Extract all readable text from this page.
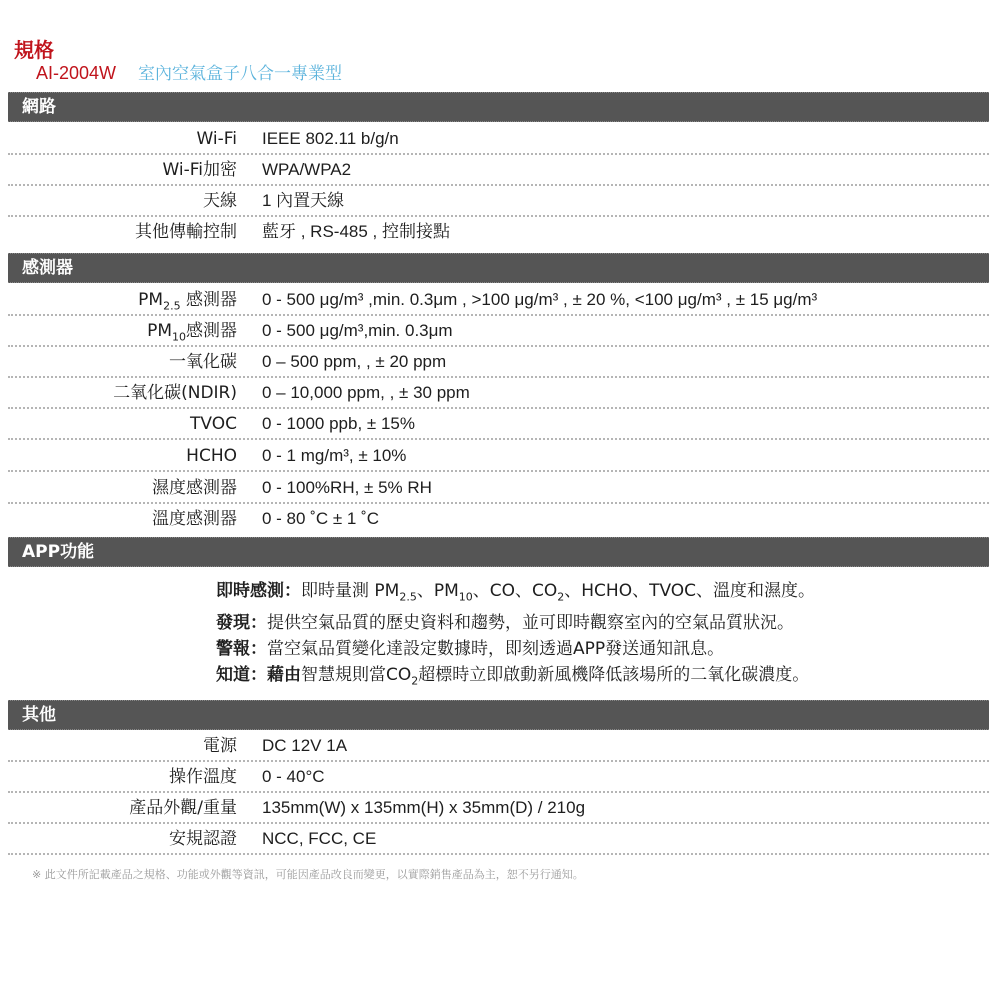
規格
AI-2004W 室內空氣盒子八合一專業型
網路
Wi-Fi IEEE 802.11 b/g/n
Wi-Fi加密 WPA/WPA2
天線 1 內置天線
其他傳輸控制 藍牙 , RS-485 , 控制接點
感測器
$PM_{2.5}$ 感測器 0 - 500 μg/m³ ,min. 0.3μm , >100 μg/m³ , ± 20 %, <100 μg/m³ , ± 15 μg/m³
$PM_{10}$感測器 0 - 500 μg/m³,min. 0.3μm
一氧化碳 0 – 500 ppm, , ± 20 ppm
二氧化碳(NDIR) 0 – 10,000 ppm, , ± 30 ppm
TVOC 0 - 1000 ppb, ± 15%
HCHO 0 - 1 mg/m³, ± 10%
濕度感測器 0 - 100%RH, ± 5% RH
溫度感測器 0 - 80 ˚C ± 1 ˚C
APP功能
即時感測：即時量測 $PM_{2.5}$、$PM_{10}$、CO、$CO_2$、HCHO、TVOC、溫度和濕度。
發現：提供空氣品質的歷史資料和趨勢，並可即時觀察室內的空氣品質狀況。
警報：當空氣品質變化達設定數據時，即刻透過APP發送通知訊息。
知道：藉由智慧規則當$CO_2$超標時立即啟動新風機降低該場所的二氧化碳濃度。
其他
電源 DC 12V 1A
操作溫度 0 - 40°C
產品外觀/重量 135mm(W) x 135mm(H) x 35mm(D) / 210g
安規認證 NCC, FCC, CE
※ 此文件所記載產品之規格、功能或外觀等資訊，可能因產品改良而變更，以實際銷售產品為主，恕不另行通知。
